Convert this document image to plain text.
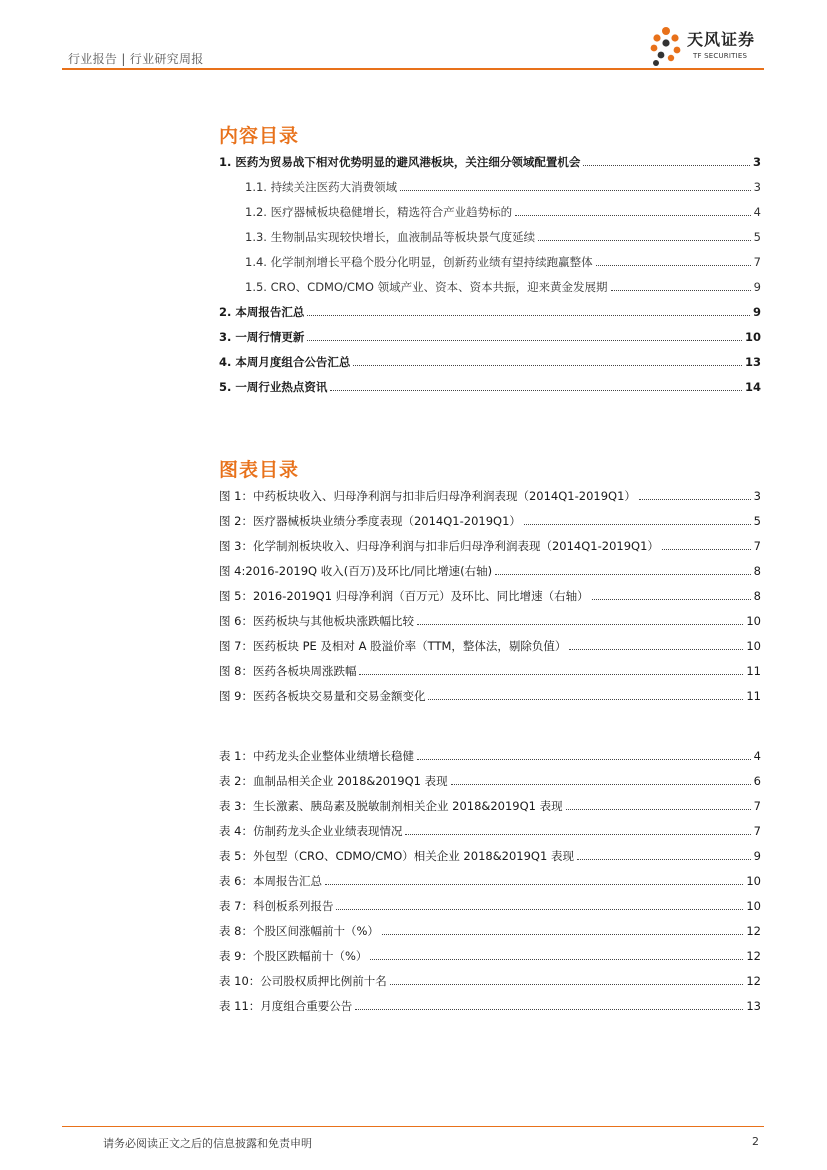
行业报告 | 行业研究周报
天风证券
TF SECURITIES
内容目录
1. 医药为贸易战下相对优势明显的避风港板块，关注细分领域配置机会	3
1.1. 持续关注医药大消费领域	3
1.2. 医疗器械板块稳健增长，精选符合产业趋势标的	4
1.3. 生物制品实现较快增长，血液制品等板块景气度延续	5
1.4. 化学制剂增长平稳个股分化明显，创新药业绩有望持续跑赢整体	7
1.5. CRO、CDMO/CMO 领域产业、资本、资本共振，迎来黄金发展期	9
2. 本周报告汇总	9
3. 一周行情更新	10
4. 本周月度组合公告汇总	13
5. 一周行业热点资讯	14
图表目录
图 1：中药板块收入、归母净利润与扣非后归母净利润表现（2014Q1-2019Q1）	3
图 2：医疗器械板块业绩分季度表现（2014Q1-2019Q1）	5
图 3：化学制剂板块收入、归母净利润与扣非后归母净利润表现（2014Q1-2019Q1）	7
图 4:2016-2019Q 收入(百万)及环比/同比增速(右轴)	8
图 5：2016-2019Q1 归母净利润（百万元）及环比、同比增速（右轴）	8
图 6：医药板块与其他板块涨跌幅比较	10
图 7：医药板块 PE 及相对 A 股溢价率（TTM，整体法，剔除负值）	10
图 8：医药各板块周涨跌幅	11
图 9：医药各板块交易量和交易金额变化	11
表 1：中药龙头企业整体业绩增长稳健	4
表 2：血制品相关企业 2018&2019Q1 表现	6
表 3：生长激素、胰岛素及脱敏制剂相关企业 2018&2019Q1 表现	7
表 4：仿制药龙头企业业绩表现情况	7
表 5：外包型（CRO、CDMO/CMO）相关企业 2018&2019Q1 表现	9
表 6：本周报告汇总	10
表 7：科创板系列报告	10
表 8：个股区间涨幅前十（%）	12
表 9：个股区跌幅前十（%）	12
表 10：公司股权质押比例前十名	12
表 11：月度组合重要公告	13
请务必阅读正文之后的信息披露和免责申明	2
